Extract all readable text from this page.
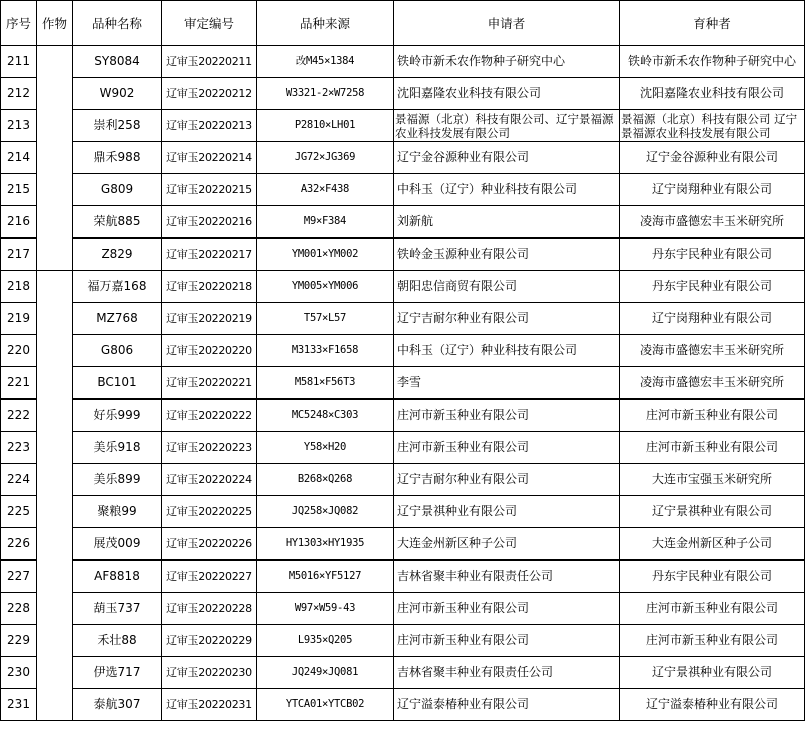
序号	作物	品种名称	审定编号	品种来源	申请者	育种者
211		SY8084	辽审玉20220211	改M45×1384	铁岭市新禾农作物种子研究中心	铁岭市新禾农作物种子研究中心
212		W902	辽审玉20220212	W3321-2×W7258	沈阳嘉隆农业科技有限公司	沈阳嘉隆农业科技有限公司
213		崇利258	辽审玉20220213	P2810×LH01	景福源（北京）科技有限公司、辽宁景福源农业科技发展有限公司	景福源（北京）科技有限公司 辽宁景福源农业科技发展有限公司
214		鼎禾988	辽审玉20220214	JG72×JG369	辽宁金谷源种业有限公司	辽宁金谷源种业有限公司
215		G809	辽审玉20220215	A32×F438	中科玉（辽宁）种业科技有限公司	辽宁岗翔种业有限公司
216		荣航885	辽审玉20220216	M9×F384	刘新航	凌海市盛德宏丰玉米研究所
217		Z829	辽审玉20220217	YM001×YM002	铁岭金玉源种业有限公司	丹东宇民种业有限公司
218		福万嘉168	辽审玉20220218	YM005×YM006	朝阳忠信商贸有限公司	丹东宇民种业有限公司
219		MZ768	辽审玉20220219	T57×L57	辽宁吉耐尔种业有限公司	辽宁岗翔种业有限公司
220		G806	辽审玉20220220	M3133×F1658	中科玉（辽宁）种业科技有限公司	凌海市盛德宏丰玉米研究所
221		BC101	辽审玉20220221	M581×F56T3	李雪	凌海市盛德宏丰玉米研究所
222		好乐999	辽审玉20220222	MC5248×C303	庄河市新玉种业有限公司	庄河市新玉种业有限公司
223		美乐918	辽审玉20220223	Y58×H20	庄河市新玉种业有限公司	庄河市新玉种业有限公司
224		美乐899	辽审玉20220224	B268×Q268	辽宁吉耐尔种业有限公司	大连市宝强玉米研究所
225		聚粮99	辽审玉20220225	JQ258×JQ082	辽宁景祺种业有限公司	辽宁景祺种业有限公司
226		展茂009	辽审玉20220226	HY1303×HY1935	大连金州新区种子公司	大连金州新区种子公司
227		AF8818	辽审玉20220227	M5016×YF5127	吉林省聚丰种业有限责任公司	丹东宇民种业有限公司
228		葫玉737	辽审玉20220228	W97×W59-43	庄河市新玉种业有限公司	庄河市新玉种业有限公司
229		禾壮88	辽审玉20220229	L935×Q205	庄河市新玉种业有限公司	庄河市新玉种业有限公司
230		伊选717	辽审玉20220230	JQ249×JQ081	吉林省聚丰种业有限责任公司	辽宁景祺种业有限公司
231		泰航307	辽审玉20220231	YTCA01×YTCB02	辽宁溢泰椿种业有限公司	辽宁溢泰椿种业有限公司
